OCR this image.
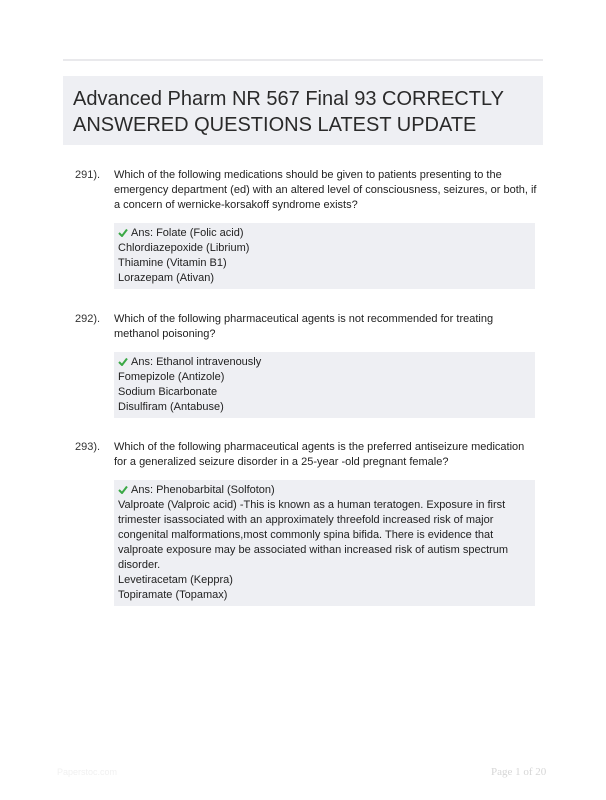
Advanced Pharm NR 567 Final 93 CORRECTLY ANSWERED QUESTIONS LATEST UPDATE
291). Which of the following medications should be given to patients presenting to the emergency department (ed) with an altered level of consciousness, seizures, or both, if a concern of wernicke-korsakoff syndrome exists?

Ans: Folate (Folic acid)
Chlordiazepoxide (Librium)
Thiamine (Vitamin B1)
Lorazepam (Ativan)
292). Which of the following pharmaceutical agents is not recommended for treating methanol poisoning?

Ans: Ethanol intravenously
Fomepizole (Antizole)
Sodium Bicarbonate
Disulfiram (Antabuse)
293). Which of the following pharmaceutical agents is the preferred antiseizure medication for a generalized seizure disorder in a 25-year -old pregnant female?

Ans: Phenobarbital (Solfoton)
Valproate (Valproic acid) -This is known as a human teratogen. Exposure in first trimester isassociated with an approximately threefold increased risk of major congenital malformations,most commonly spina bifida. There is evidence that valproate exposure may be associated withan increased risk of autism spectrum disorder.
Levetiracetam (Keppra)
Topiramate (Topamax)
Paperstoc.com	Page 1 of 20
